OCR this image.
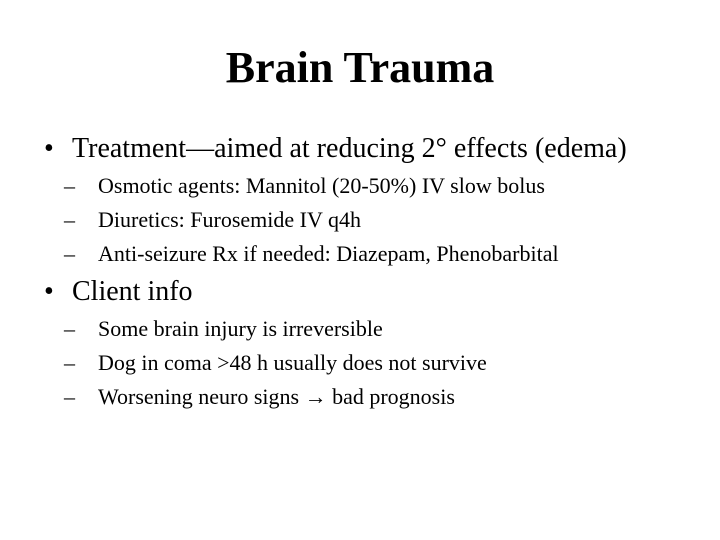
Brain Trauma
• Treatment—aimed at reducing 2° effects (edema)
– Osmotic agents: Mannitol (20-50%) IV slow bolus
– Diuretics: Furosemide IV q4h
– Anti-seizure Rx if needed: Diazepam, Phenobarbital
• Client info
– Some brain injury is irreversible
– Dog in coma >48 h usually does not survive
– Worsening neuro signs → bad prognosis
